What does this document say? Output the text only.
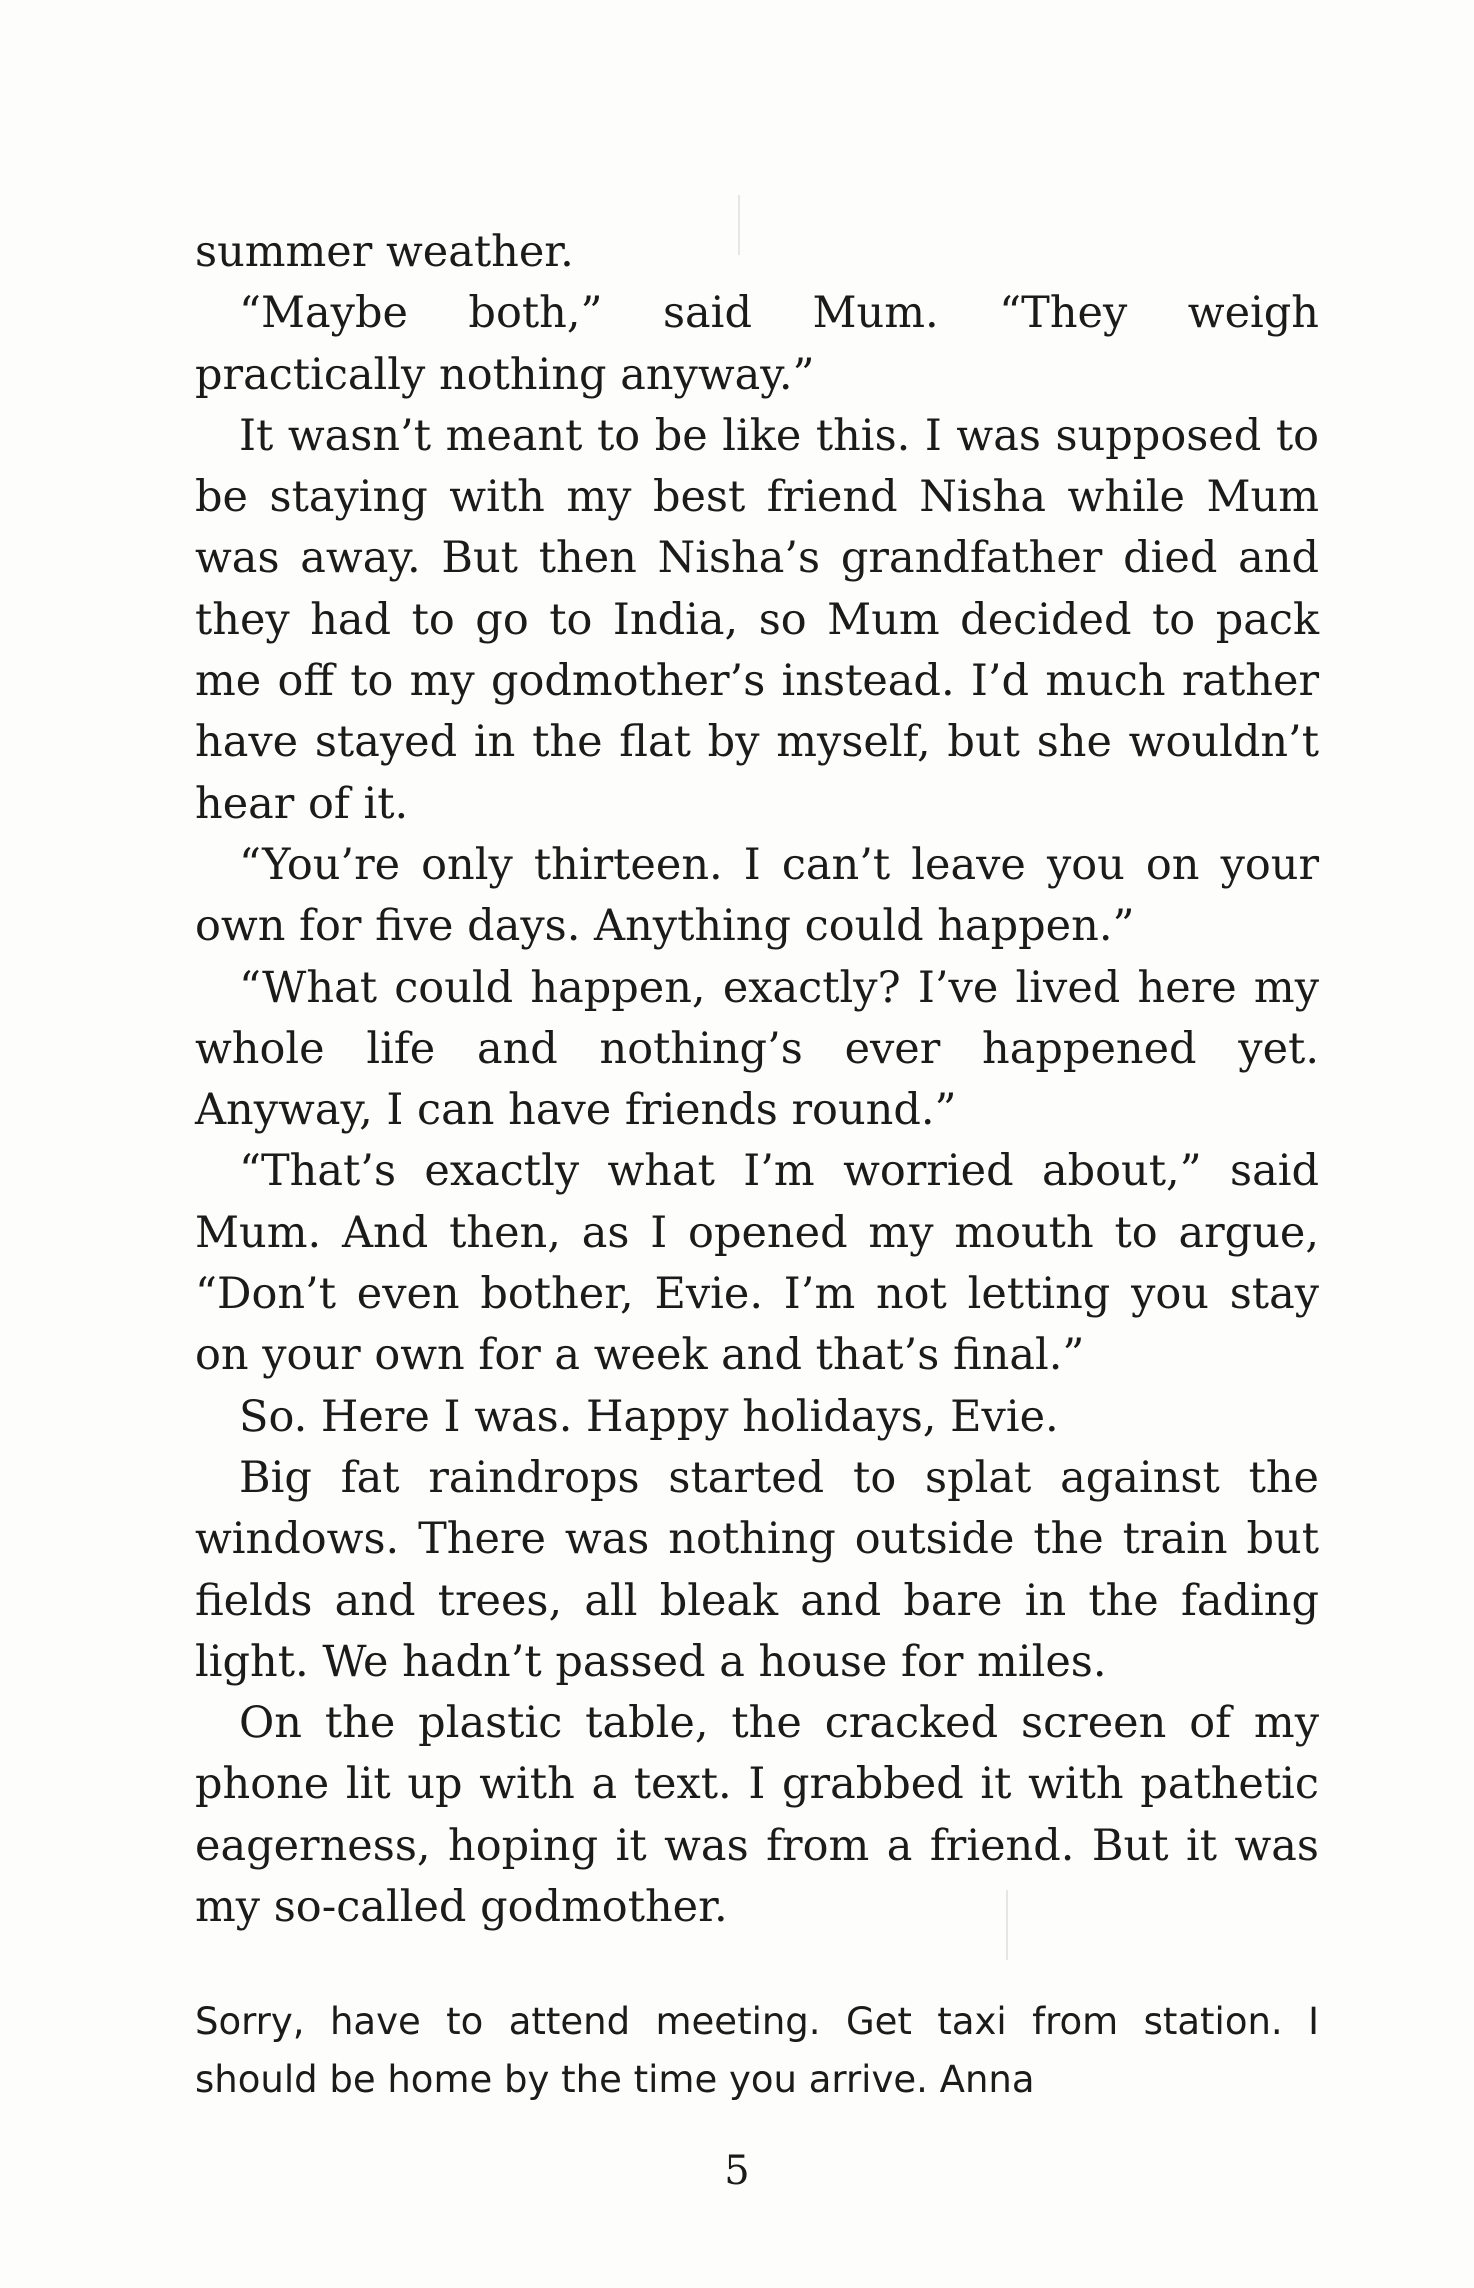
summer weather.

“Maybe both,” said Mum. “They weigh practically nothing anyway.”

It wasn’t meant to be like this. I was supposed to be staying with my best friend Nisha while Mum was away. But then Nisha’s grandfather died and they had to go to India, so Mum decided to pack me off to my godmother’s instead. I’d much rather have stayed in the flat by myself, but she wouldn’t hear of it.

“You’re only thirteen. I can’t leave you on your own for five days. Anything could happen.”

“What could happen, exactly? I’ve lived here my whole life and nothing’s ever happened yet. Anyway, I can have friends round.”

“That’s exactly what I’m worried about,” said Mum. And then, as I opened my mouth to argue, “Don’t even bother, Evie. I’m not letting you stay on your own for a week and that’s final.”

So. Here I was. Happy holidays, Evie.

Big fat raindrops started to splat against the windows. There was nothing outside the train but fields and trees, all bleak and bare in the fading light. We hadn’t passed a house for miles.

On the plastic table, the cracked screen of my phone lit up with a text. I grabbed it with pathetic eagerness, hoping it was from a friend. But it was my so-called godmother.

Sorry, have to attend meeting. Get taxi from station. I should be home by the time you arrive. Anna
5
